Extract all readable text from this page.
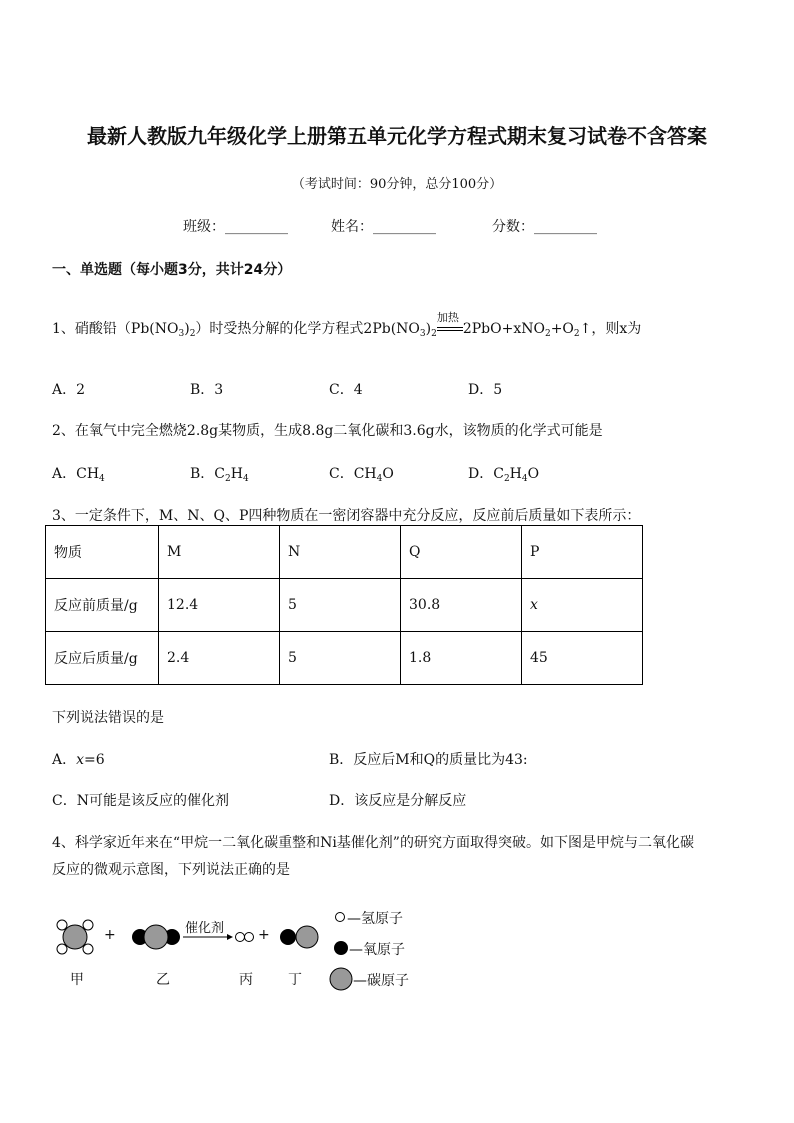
最新人教版九年级化学上册第五单元化学方程式期末复习试卷不含答案
（考试时间：90分钟，总分100分）
班级：_________	姓名：_________	分数：_________
一、单选题（每小题3分，共计24分）
1、硝酸铅$(Pb(NO_3)_2)$时受热分解的化学方程式$2Pb(NO_3)_2$
加热
$2PbO+xNO_2+O_2↑$，则x为
A．2	B．3	C．4	D．5
2、在氧气中完全燃烧2.8g某物质，生成8.8g二氧化碳和3.6g水，该物质的化学式可能是
A．$CH_4$	B．$C_2H_4$	C．$CH_4O$	D．$C_2H_4O$
3、一定条件下，M、N、Q、P四种物质在一密闭容器中充分反应，反应前后质量如下表所示：
物质	M	N	Q	P
反应前质量/g	12.4	5	30.8	x
反应后质量/g	2.4	5	1.8	45
下列说法错误的是
A．x=6	B．反应后M和Q的质量比为43:
C．N可能是该反应的催化剂	D．该反应是分解反应
4、科学家近年来在“甲烷一二氧化碳重整和Ni基催化剂”的研究方面取得突破。如下图是甲烷与二氧化碳
反应的微观示意图，下列说法正确的是
+	+
催化剂
甲	乙	丙	丁
—氢原子
—氧原子
—碳原子
